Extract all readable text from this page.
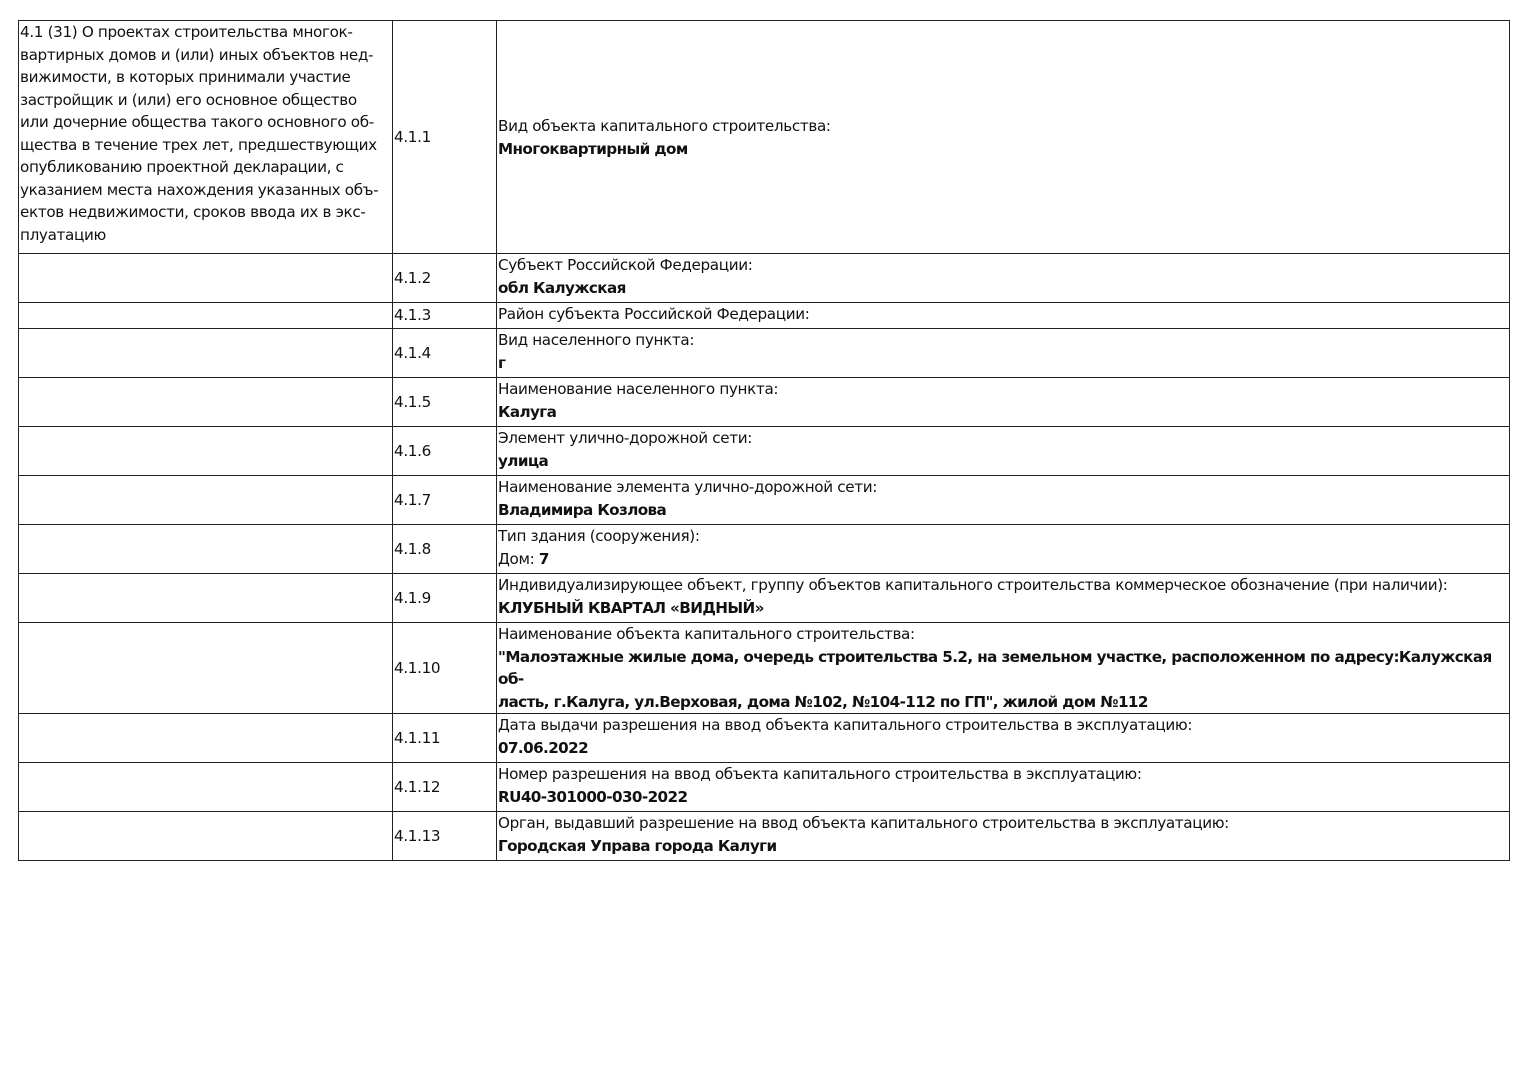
4.1 (31) О проектах строительства многок-
вартирных домов и (или) иных объектов нед-
вижимости, в которых принимали участие
застройщик и (или) его основное общество
или дочерние общества такого основного об-
щества в течение трех лет, предшествующих
опубликованию проектной декларации, с
указанием места нахождения указанных объ-
ектов недвижимости, сроков ввода их в экс-
плуатацию
	4.1.1	
Вид объекта капитального строительства:
Многоквартирный дом

	4.1.2	Субъект Российской Федерации:
обл Калужская

	4.1.3	Район субъекта Российской Федерации:

	4.1.4	Вид населенного пункта:
г

	4.1.5	Наименование населенного пункта:
Калуга

	4.1.6	Элемент улично-дорожной сети:
улица

	4.1.7	Наименование элемента улично-дорожной сети:
Владимира Козлова

	4.1.8	Тип здания (сооружения):
Дом: 7

	4.1.9	Индивидуализирующее объект, группу объектов капитального строительства коммерческое обозначение (при наличии):
КЛУБНЫЙ КВАРТАЛ «ВИДНЫЙ»

	4.1.10	Наименование объекта капитального строительства:
"Малоэтажные жилые дома, очередь строительства 5.2, на земельном участке, расположенном по адресу:Калужская об-
ласть, г.Калуга, ул.Верховая, дома №102, №104-112 по ГП", жилой дом №112

	4.1.11	Дата выдачи разрешения на ввод объекта капитального строительства в эксплуатацию:
07.06.2022

	4.1.12	Номер разрешения на ввод объекта капитального строительства в эксплуатацию:
RU40-301000-030-2022

	4.1.13	Орган, выдавший разрешение на ввод объекта капитального строительства в эксплуатацию:
Городская Управа города Калуги
